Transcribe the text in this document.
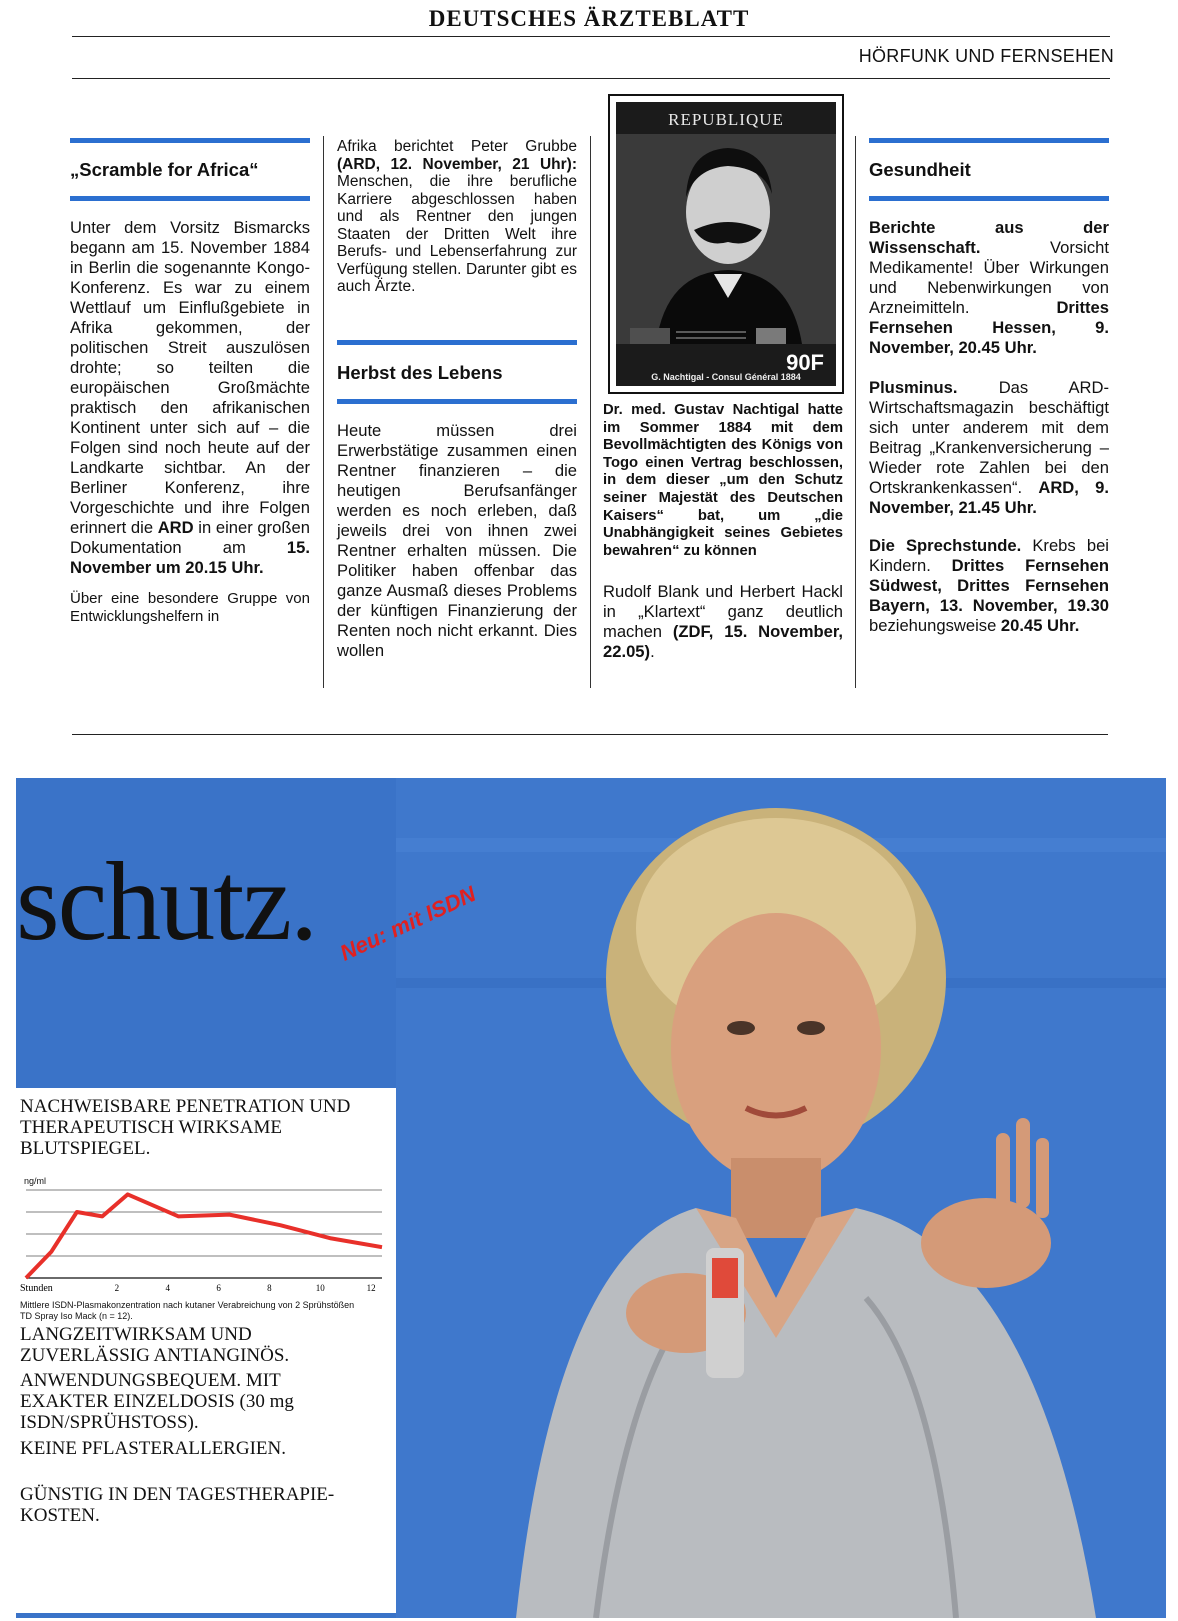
DEUTSCHES ÄRZTEBLATT
HÖRFUNK UND FERNSEHEN
„Scramble for Africa“

Unter dem Vorsitz Bismarcks begann am 15. November 1884 in Berlin die sogenannte Kongo-Konferenz. Es war zu einem Wettlauf um Einflußgebiete in Afrika gekommen, der politischen Streit auszulösen drohte; so teilten die europäischen Großmächte praktisch den afrikanischen Kontinent unter sich auf – die Folgen sind noch heute auf der Landkarte sichtbar. An der Berliner Konferenz, ihre Vorgeschichte und ihre Folgen erinnert die ARD in einer großen Dokumentation am 15. November um 20.15 Uhr.

Über eine besondere Gruppe von Entwicklungshelfern in

Afrika berichtet Peter Grubbe (ARD, 12. November, 21 Uhr): Menschen, die ihre berufliche Karriere abgeschlossen haben und als Rentner den jungen Staaten der Dritten Welt ihre Berufs- und Lebenserfahrung zur Verfügung stellen. Darunter gibt es auch Ärzte.

Herbst des Lebens

Heute müssen drei Erwerbstätige zusammen einen Rentner finanzieren – die heutigen Berufsanfänger werden es noch erleben, daß jeweils drei von ihnen zwei Rentner erhalten müssen. Die Politiker haben offenbar das ganze Ausmaß dieses Problems der künftigen Finanzierung der Renten noch nicht erkannt. Dies wollen

REPUBLIQUE
90F
G. Nachtigal - Consul Général 1884

Dr. med. Gustav Nachtigal hatte im Sommer 1884 mit dem Bevollmächtigten des Königs von Togo einen Vertrag beschlossen, in dem dieser „um den Schutz seiner Majestät des Deutschen Kaisers“ bat, um „die Unabhängigkeit seines Gebietes bewahren“ zu können

Rudolf Blank und Herbert Hackl in „Klartext“ ganz deutlich machen (ZDF, 15. November, 22.05).

Gesundheit

Berichte aus der Wissenschaft. Vorsicht Medikamente! Über Wirkungen und Nebenwirkungen von Arzneimitteln. Drittes Fernsehen Hessen, 9. November, 20.45 Uhr.

Plusminus. Das ARD-Wirtschaftsmagazin beschäftigt sich unter anderem mit dem Beitrag „Krankenversicherung – Wieder rote Zahlen bei den Ortskrankenkassen“. ARD, 9. November, 21.45 Uhr.

Die Sprechstunde. Krebs bei Kindern. Drittes Fernsehen Südwest, Drittes Fernsehen Bayern, 13. November, 19.30 beziehungsweise 20.45 Uhr.

schutz. Neu: mit ISDN
NACHWEISBARE PENETRATION UND THERAPEUTISCH WIRKSAME BLUTSPIEGEL.
ng/ml
Stunden	2	4	6	8	10	12
Mittlere ISDN-Plasmakonzentration nach kutaner Verabreichung von 2 Sprühstößen TD Spray Iso Mack (n = 12).
LANGZEITWIRKSAM UND ZUVERLÄSSIG ANTIANGINÖS.
ANWENDUNGSBEQUEM. MIT EXAKTER EINZELDOSIS (30 mg ISDN/SPRÜHSTOSS).
KEINE PFLASTERALLERGIEN.
GÜNSTIG IN DEN TAGESTHERAPIE-KOSTEN.
